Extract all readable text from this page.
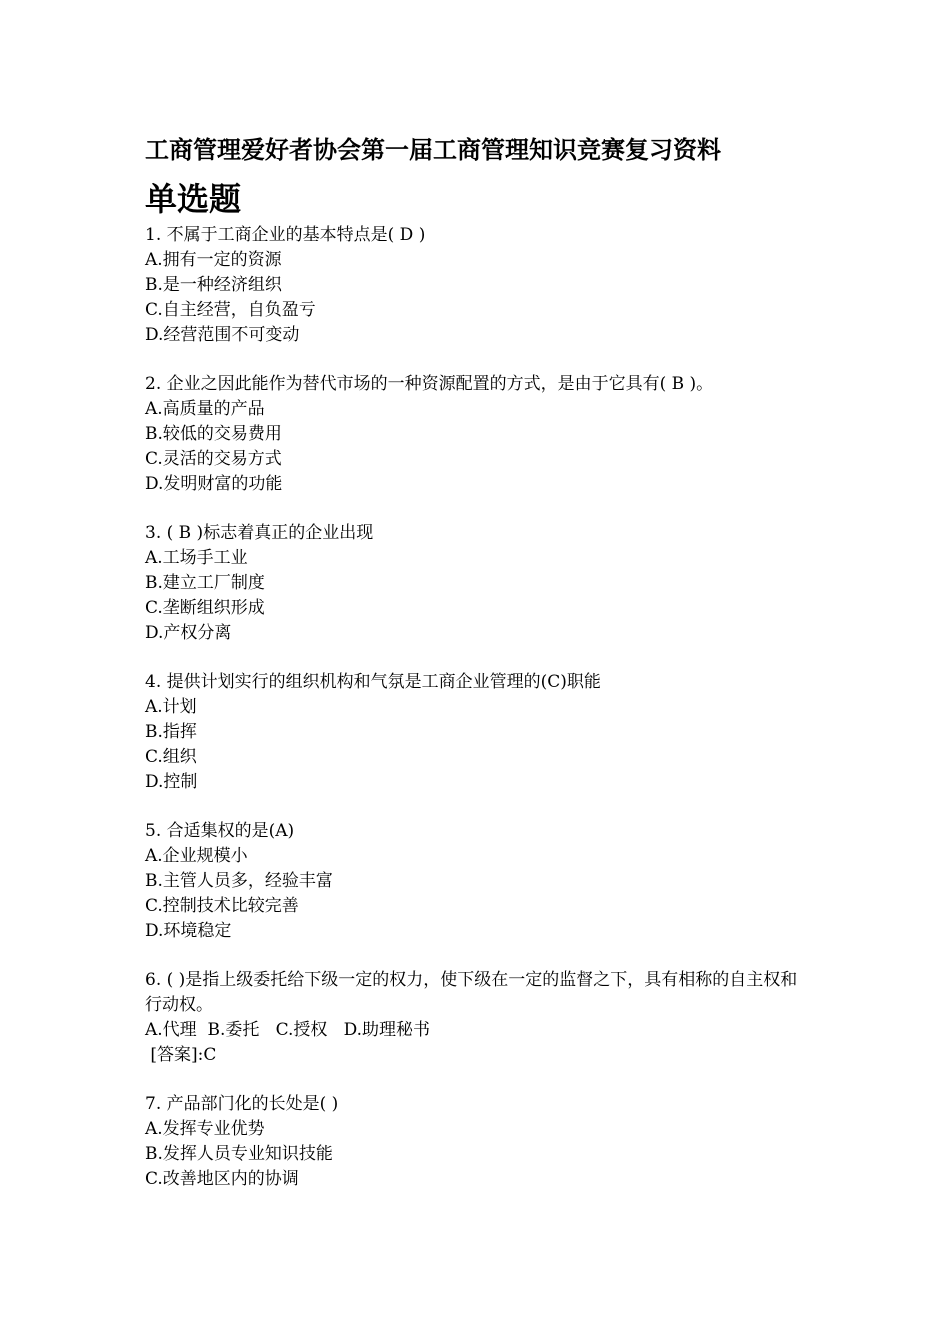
工商管理爱好者协会第一届工商管理知识竞赛复习资料
单选题

1. 不属于工商企业的基本特点是( D )

A.拥有一定的资源

B.是一种经济组织

C.自主经营，自负盈亏

D.经营范围不可变动

2. 企业之因此能作为替代市场的一种资源配置的方式，是由于它具有( B )。

A.高质量的产品

B.较低的交易费用

C.灵活的交易方式

D.发明财富的功能

3. ( B )标志着真正的企业出现

A.工场手工业

B.建立工厂制度

C.垄断组织形成

D.产权分离

4. 提供计划实行的组织机构和气氛是工商企业管理的(C)职能

A.计划

B.指挥

C.组织

D.控制

5. 合适集权的是(A)

A.企业规模小

B.主管人员多，经验丰富

C.控制技术比较完善

D.环境稳定

6. ( )是指上级委托给下级一定的权力，使下级在一定的监督之下，具有相称的自主权和行动权。

A.代理  B.委托   C.授权   D.助理秘书

[答案]:C

7. 产品部门化的长处是( )

A.发挥专业优势

B.发挥人员专业知识技能

C.改善地区内的协调
